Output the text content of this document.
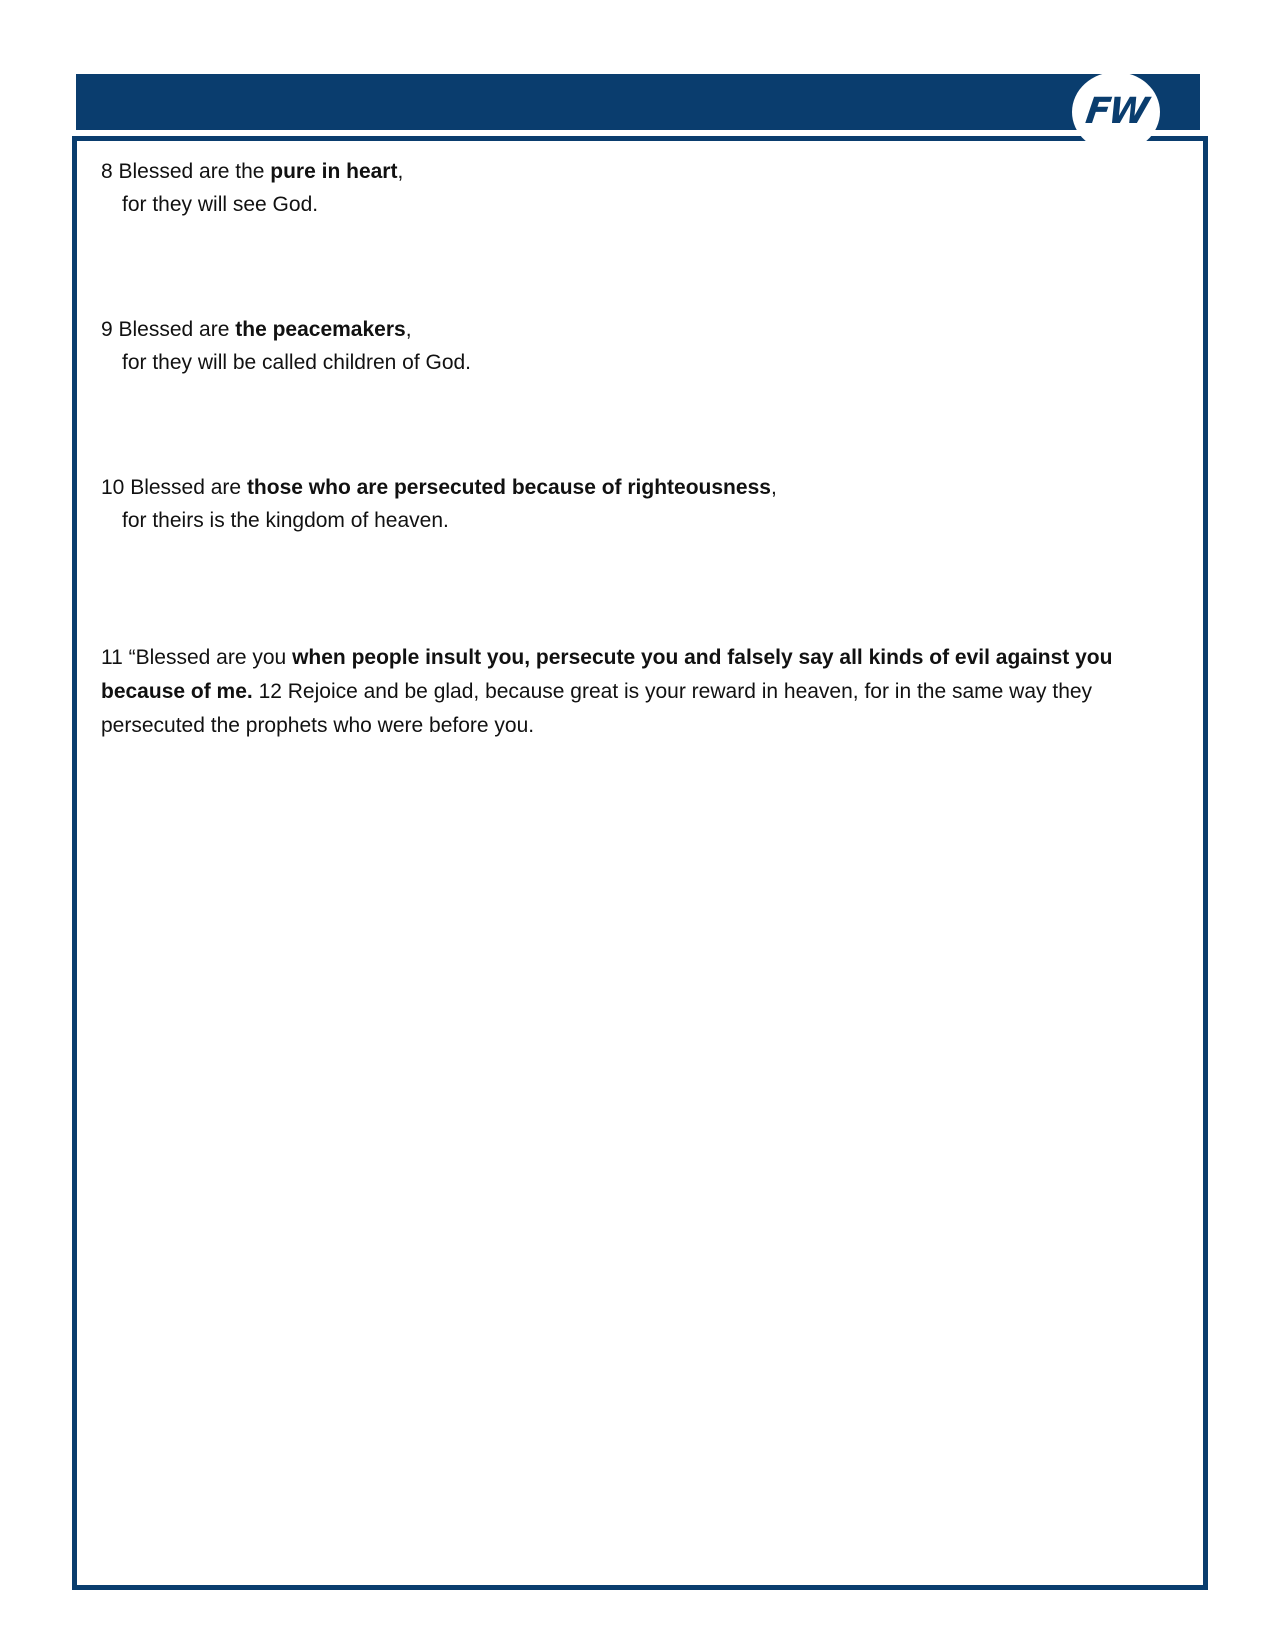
FW
8 Blessed are the pure in heart,
for they will see God.
9 Blessed are the peacemakers,
for they will be called children of God.
10 Blessed are those who are persecuted because of righteousness,
for theirs is the kingdom of heaven.
11 “Blessed are you when people insult you, persecute you and falsely say all kinds of evil against you because of me. 12 Rejoice and be glad, because great is your reward in heaven, for in the same way they persecuted the prophets who were before you.
